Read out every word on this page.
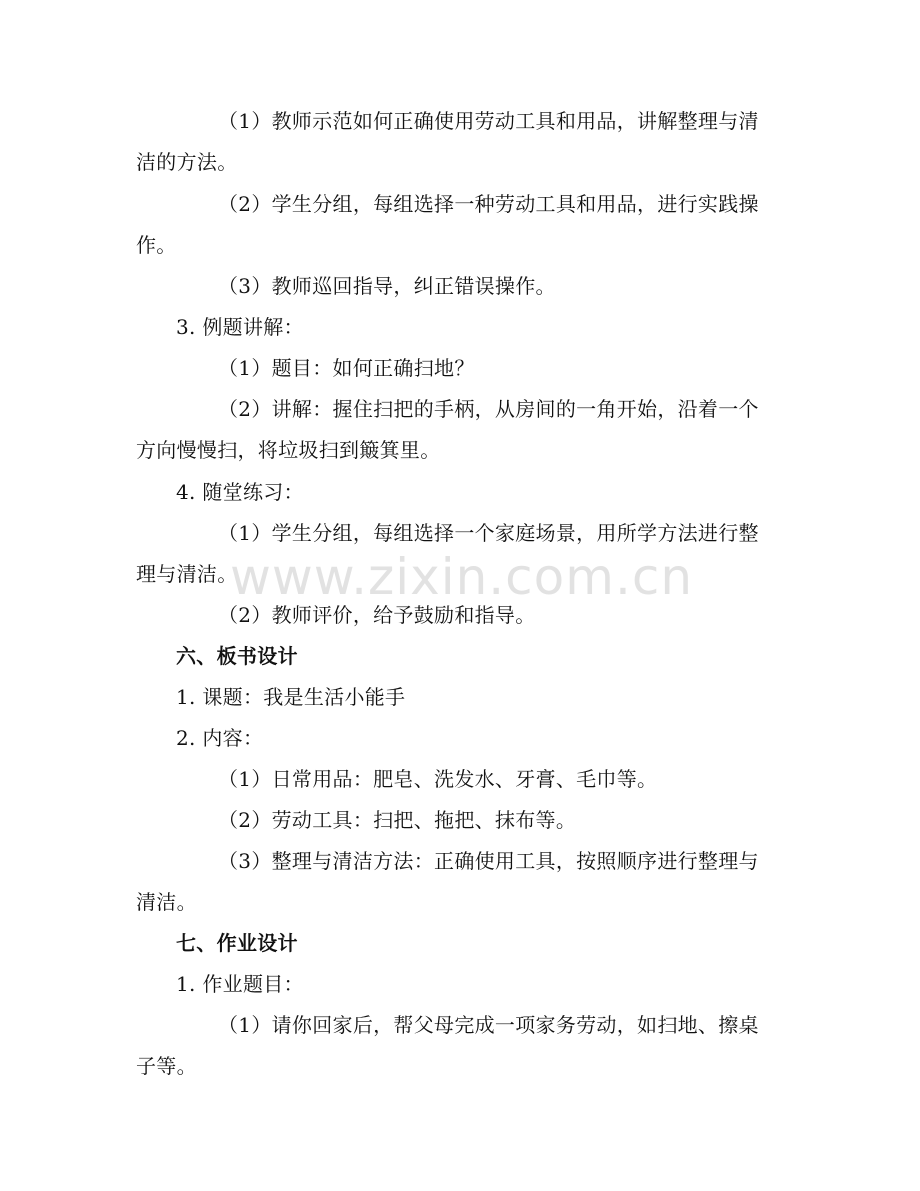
（1）教师示范如何正确使用劳动工具和用品，讲解整理与清
洁的方法。
（2）学生分组，每组选择一种劳动工具和用品，进行实践操
作。
（3）教师巡回指导，纠正错误操作。
3. 例题讲解：
（1）题目：如何正确扫地？
（2）讲解：握住扫把的手柄，从房间的一角开始，沿着一个
方向慢慢扫，将垃圾扫到簸箕里。
4. 随堂练习：
（1）学生分组，每组选择一个家庭场景，用所学方法进行整
理与清洁。
（2）教师评价，给予鼓励和指导。
六、板书设计
1. 课题：我是生活小能手
2. 内容：
（1）日常用品：肥皂、洗发水、牙膏、毛巾等。
（2）劳动工具：扫把、拖把、抹布等。
（3）整理与清洁方法：正确使用工具，按照顺序进行整理与
清洁。
七、作业设计
1. 作业题目：
（1）请你回家后，帮父母完成一项家务劳动，如扫地、擦桌
子等。
www.zixin.com.cn
